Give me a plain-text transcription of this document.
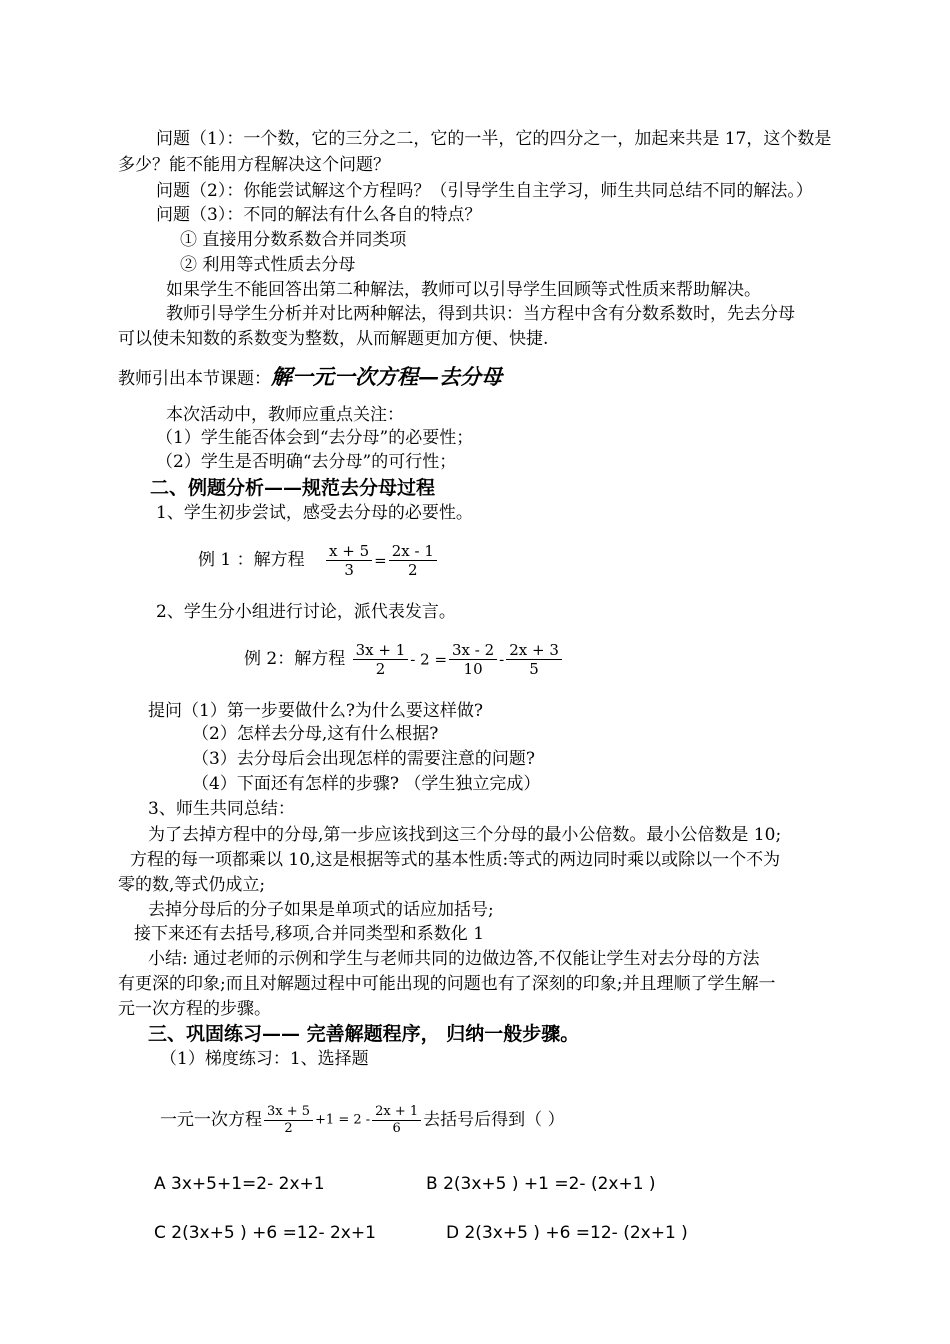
问题（1）：一个数，它的三分之二，它的一半，它的四分之一，加起来共是 17，这个数是
多少？能不能用方程解决这个问题？
问题（2）：你能尝试解这个方程吗？（引导学生自主学习，师生共同总结不同的解法。）
问题（3）：不同的解法有什么各自的特点？
① 直接用分数系数合并同类项
② 利用等式性质去分母
如果学生不能回答出第二种解法，教师可以引导学生回顾等式性质来帮助解决。
教师引导学生分析并对比两种解法，得到共识：当方程中含有分数系数时，先去分母
可以使未知数的系数变为整数，从而解题更加方便、快捷.
教师引出本节课题：解一元一次方程—去分母
本次活动中，教师应重点关注：
（1）学生能否体会到“去分母”的必要性；
（2）学生是否明确“去分母”的可行性；
二、例题分析——规范去分母过程
1、学生初步尝试，感受去分母的必要性。
例 1 ：解方程 $\frac{x + 5}{3} = \frac{2x - 1}{2}$
2、学生分小组进行讨论，派代表发言。
例 2：解方程 $\frac{3x + 1}{2} - 2 = \frac{3x - 2}{10} - \frac{2x + 3}{5}$
提问（1）第一步要做什么?为什么要这样做?
（2）怎样去分母,这有什么根据?
（3）去分母后会出现怎样的需要注意的问题?
（4）下面还有怎样的步骤? （学生独立完成）
3、师生共同总结：
为了去掉方程中的分母,第一步应该找到这三个分母的最小公倍数。最小公倍数是 10;
方程的每一项都乘以 10,这是根据等式的基本性质:等式的两边同时乘以或除以一个不为
零的数,等式仍成立;
去掉分母后的分子如果是单项式的话应加括号;
接下来还有去括号,移项,合并同类型和系数化 1
小结: 通过老师的示例和学生与老师共同的边做边答,不仅能让学生对去分母的方法
有更深的印象;而且对解题过程中可能出现的问题也有了深刻的印象;并且理顺了学生解一
元一次方程的步骤。
三、巩固练习—— 完善解题程序， 归纳一般步骤。
（1）梯度练习：1、选择题
一元一次方程 $\frac{3x + 5}{2} +1 = 2 - \frac{2x + 1}{6}$ 去括号后得到（ ）
A 3x+5+1=2- 2x+1	B 2(3x+5 ) +1 =2- (2x+1 )
C 2(3x+5 ) +6 =12- 2x+1	D 2(3x+5 ) +6 =12- (2x+1 )
